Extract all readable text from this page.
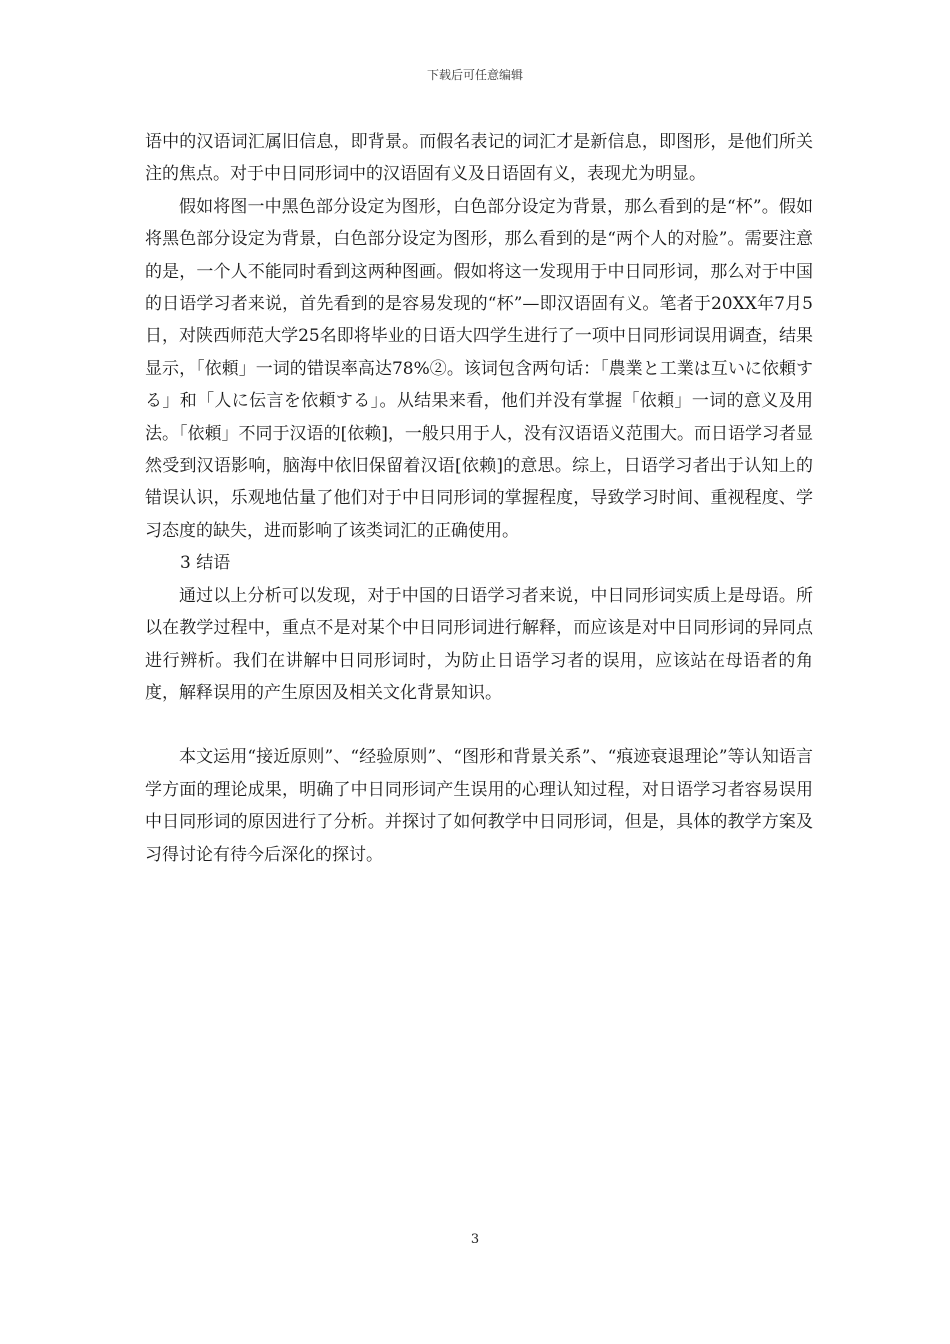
下载后可任意编辑

语中的汉语词汇属旧信息，即背景。而假名表记的词汇才是新信息，即图形，是他们所关注的焦点。对于中日同形词中的汉语固有义及日语固有义，表现尤为明显。

假如将图一中黑色部分设定为图形，白色部分设定为背景，那么看到的是“杯”。假如将黑色部分设定为背景，白色部分设定为图形，那么看到的是“两个人的对脸”。需要注意的是，一个人不能同时看到这两种图画。假如将这一发现用于中日同形词，那么对于中国的日语学习者来说，首先看到的是容易发现的“杯”—即汉语固有义。笔者于20XX年7月5日，对陕西师范大学25名即将毕业的日语大四学生进行了一项中日同形词误用调查，结果显示，「依頼」一词的错误率高达78%②。该词包含两句话：「農業と工業は互いに依頼する」和「人に伝言を依頼する」。从结果来看，他们并没有掌握「依頼」一词的意义及用法。「依頼」不同于汉语的[依赖]，一般只用于人，没有汉语语义范围大。而日语学习者显然受到汉语影响，脑海中依旧保留着汉语[依赖]的意思。综上，日语学习者出于认知上的错误认识，乐观地估量了他们对于中日同形词的掌握程度，导致学习时间、重视程度、学习态度的缺失，进而影响了该类词汇的正确使用。

3 结语

通过以上分析可以发现，对于中国的日语学习者来说，中日同形词实质上是母语。所以在教学过程中，重点不是对某个中日同形词进行解释，而应该是对中日同形词的异同点进行辨析。我们在讲解中日同形词时，为防止日语学习者的误用，应该站在母语者的角度，解释误用的产生原因及相关文化背景知识。

本文运用“接近原则”、“经验原则”、“图形和背景关系”、“痕迹衰退理论”等认知语言学方面的理论成果，明确了中日同形词产生误用的心理认知过程，对日语学习者容易误用中日同形词的原因进行了分析。并探讨了如何教学中日同形词，但是，具体的教学方案及习得讨论有待今后深化的探讨。

3
